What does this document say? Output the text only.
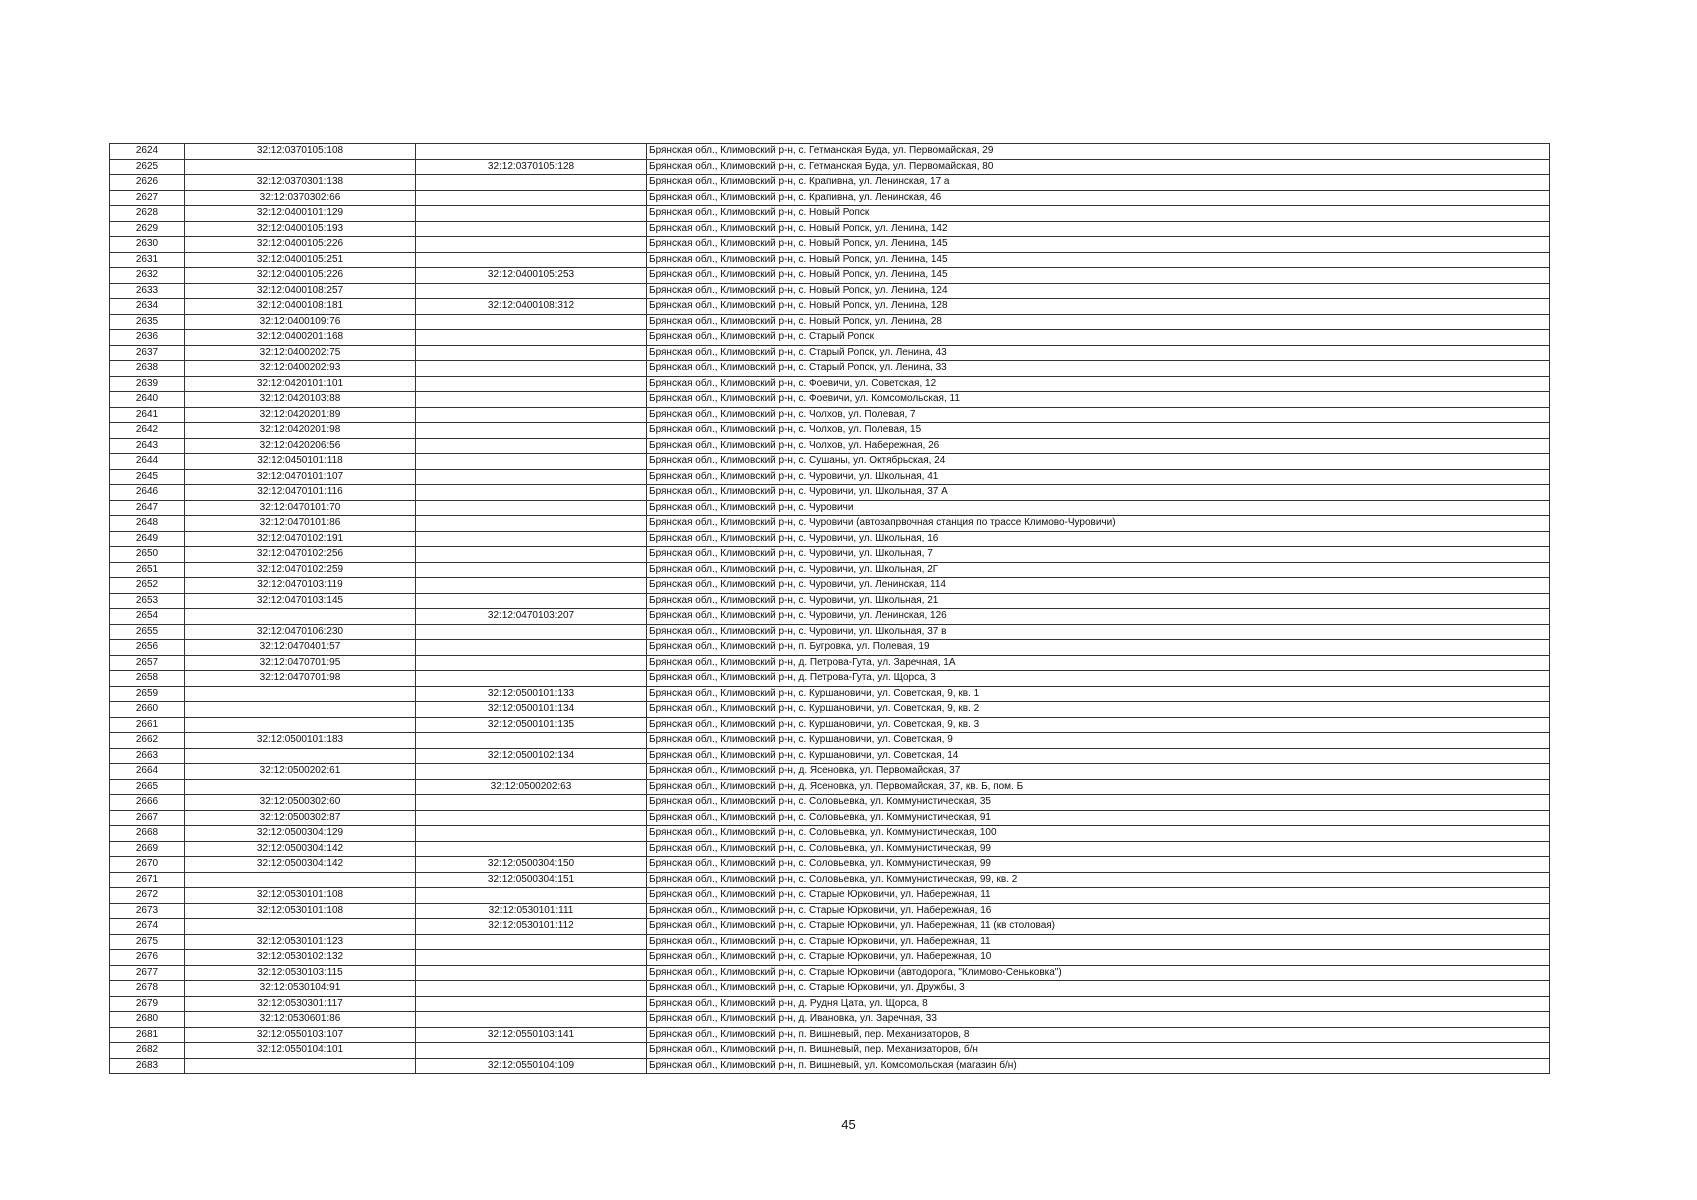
2624	32:12:0370105:108		Брянская обл., Климовский р-н, с. Гетманская Буда, ул. Первомайская, 29
2625		32:12:0370105:128	Брянская обл., Климовский р-н, с. Гетманская Буда, ул. Первомайская, 80
2626	32:12:0370301:138		Брянская обл., Климовский р-н, с. Крапивна, ул. Ленинская, 17 а
2627	32:12:0370302:66		Брянская обл., Климовский р-н, с. Крапивна, ул. Ленинская, 46
2628	32:12:0400101:129		Брянская обл., Климовский р-н, с. Новый Ропск
2629	32:12:0400105:193		Брянская обл., Климовский р-н, с. Новый Ропск, ул. Ленина, 142
2630	32:12:0400105:226		Брянская обл., Климовский р-н, с. Новый Ропск, ул. Ленина, 145
2631	32:12:0400105:251		Брянская обл., Климовский р-н, с. Новый Ропск, ул. Ленина, 145
2632	32:12:0400105:226	32:12:0400105:253	Брянская обл., Климовский р-н, с. Новый Ропск, ул. Ленина, 145
2633	32:12:0400108:257		Брянская обл., Климовский р-н, с. Новый Ропск, ул. Ленина, 124
2634	32:12:0400108:181	32:12:0400108:312	Брянская обл., Климовский р-н, с. Новый Ропск, ул. Ленина, 128
2635	32:12:0400109:76		Брянская обл., Климовский р-н, с. Новый Ропск, ул. Ленина, 28
2636	32:12:0400201:168		Брянская обл., Климовский р-н, с. Старый Ропск
2637	32:12:0400202:75		Брянская обл., Климовский р-н, с. Старый Ропск, ул. Ленина, 43
2638	32:12:0400202:93		Брянская обл., Климовский р-н, с. Старый Ропск, ул. Ленина, 33
2639	32:12:0420101:101		Брянская обл., Климовский р-н, с. Фоевичи, ул. Советская, 12
2640	32:12:0420103:88		Брянская обл., Климовский р-н, с. Фоевичи, ул. Комсомольская, 11
2641	32:12:0420201:89		Брянская обл., Климовский р-н, с. Чолхов, ул. Полевая, 7
2642	32:12:0420201:98		Брянская обл., Климовский р-н, с. Чолхов, ул. Полевая, 15
2643	32:12:0420206:56		Брянская обл., Климовский р-н, с. Чолхов, ул. Набережная, 26
2644	32:12:0450101:118		Брянская обл., Климовский р-н, с. Сушаны, ул. Октябрьская, 24
2645	32:12:0470101:107		Брянская обл., Климовский р-н, с. Чуровичи, ул. Школьная, 41
2646	32:12:0470101:116		Брянская обл., Климовский р-н, с. Чуровичи, ул. Школьная, 37 А
2647	32:12:0470101:70		Брянская обл., Климовский р-н, с. Чуровичи
2648	32:12:0470101:86		Брянская обл., Климовский р-н, с. Чуровичи (автозапрвочная станция по трассе Климово-Чуровичи)
2649	32:12:0470102:191		Брянская обл., Климовский р-н, с. Чуровичи, ул. Школьная, 16
2650	32:12:0470102:256		Брянская обл., Климовский р-н, с. Чуровичи, ул. Школьная, 7
2651	32:12:0470102:259		Брянская обл., Климовский р-н, с. Чуровичи, ул. Школьная, 2Г
2652	32:12:0470103:119		Брянская обл., Климовский р-н, с. Чуровичи, ул. Ленинская, 114
2653	32:12:0470103:145		Брянская обл., Климовский р-н, с. Чуровичи, ул. Школьная, 21
2654		32:12:0470103:207	Брянская обл., Климовский р-н, с. Чуровичи, ул. Ленинская, 126
2655	32:12:0470106:230		Брянская обл., Климовский р-н, с. Чуровичи, ул. Школьная, 37 в
2656	32:12:0470401:57		Брянская обл., Климовский р-н, п. Бугровка, ул. Полевая, 19
2657	32:12:0470701:95		Брянская обл., Климовский р-н, д. Петрова-Гута, ул. Заречная, 1А
2658	32:12:0470701:98		Брянская обл., Климовский р-н, д. Петрова-Гута, ул. Щорса, 3
2659		32:12:0500101:133	Брянская обл., Климовский р-н, с. Куршановичи, ул. Советская, 9, кв. 1
2660		32:12:0500101:134	Брянская обл., Климовский р-н, с. Куршановичи, ул. Советская, 9, кв. 2
2661		32:12:0500101:135	Брянская обл., Климовский р-н, с. Куршановичи, ул. Советская, 9, кв. 3
2662	32:12:0500101:183		Брянская обл., Климовский р-н, с. Куршановичи, ул. Советская, 9
2663		32:12:0500102:134	Брянская обл., Климовский р-н, с. Куршановичи, ул. Советская, 14
2664	32:12:0500202:61		Брянская обл., Климовский р-н, д. Ясеновка, ул. Первомайская, 37
2665		32:12:0500202:63	Брянская обл., Климовский р-н, д. Ясеновка, ул. Первомайская, 37, кв. Б, пом. Б
2666	32:12:0500302:60		Брянская обл., Климовский р-н, с. Соловьевка, ул. Коммунистическая, 35
2667	32:12:0500302:87		Брянская обл., Климовский р-н, с. Соловьевка, ул. Коммунистическая, 91
2668	32:12:0500304:129		Брянская обл., Климовский р-н, с. Соловьевка, ул. Коммунистическая, 100
2669	32:12:0500304:142		Брянская обл., Климовский р-н, с. Соловьевка, ул. Коммунистическая, 99
2670	32:12:0500304:142	32:12:0500304:150	Брянская обл., Климовский р-н, с. Соловьевка, ул. Коммунистическая, 99
2671		32:12:0500304:151	Брянская обл., Климовский р-н, с. Соловьевка, ул. Коммунистическая, 99, кв. 2
2672	32:12:0530101:108		Брянская обл., Климовский р-н, с. Старые Юрковичи, ул. Набережная, 11
2673	32:12:0530101:108	32:12:0530101:111	Брянская обл., Климовский р-н, с. Старые Юрковичи, ул. Набережная, 16
2674		32:12:0530101:112	Брянская обл., Климовский р-н, с. Старые Юрковичи, ул. Набережная, 11 (кв столовая)
2675	32:12:0530101:123		Брянская обл., Климовский р-н, с. Старые Юрковичи, ул. Набережная, 11
2676	32:12:0530102:132		Брянская обл., Климовский р-н, с. Старые Юрковичи, ул. Набережная, 10
2677	32:12:0530103:115		Брянская обл., Климовский р-н, с. Старые Юрковичи (автодорога, "Климово-Сеньковка")
2678	32:12:0530104:91		Брянская обл., Климовский р-н, с. Старые Юрковичи, ул. Дружбы, 3
2679	32:12:0530301:117		Брянская обл., Климовский р-н, д. Рудня Цата, ул. Щорса, 8
2680	32:12:0530601:86		Брянская обл., Климовский р-н, д. Ивановка, ул. Заречная, 33
2681	32:12:0550103:107	32:12:0550103:141	Брянская обл., Климовский р-н, п. Вишневый, пер. Механизаторов, 8
2682	32:12:0550104:101		Брянская обл., Климовский р-н, п. Вишневый, пер. Механизаторов, б/н
2683		32:12:0550104:109	Брянская обл., Климовский р-н, п. Вишневый, ул. Комсомольская (магазин б/н)
45
